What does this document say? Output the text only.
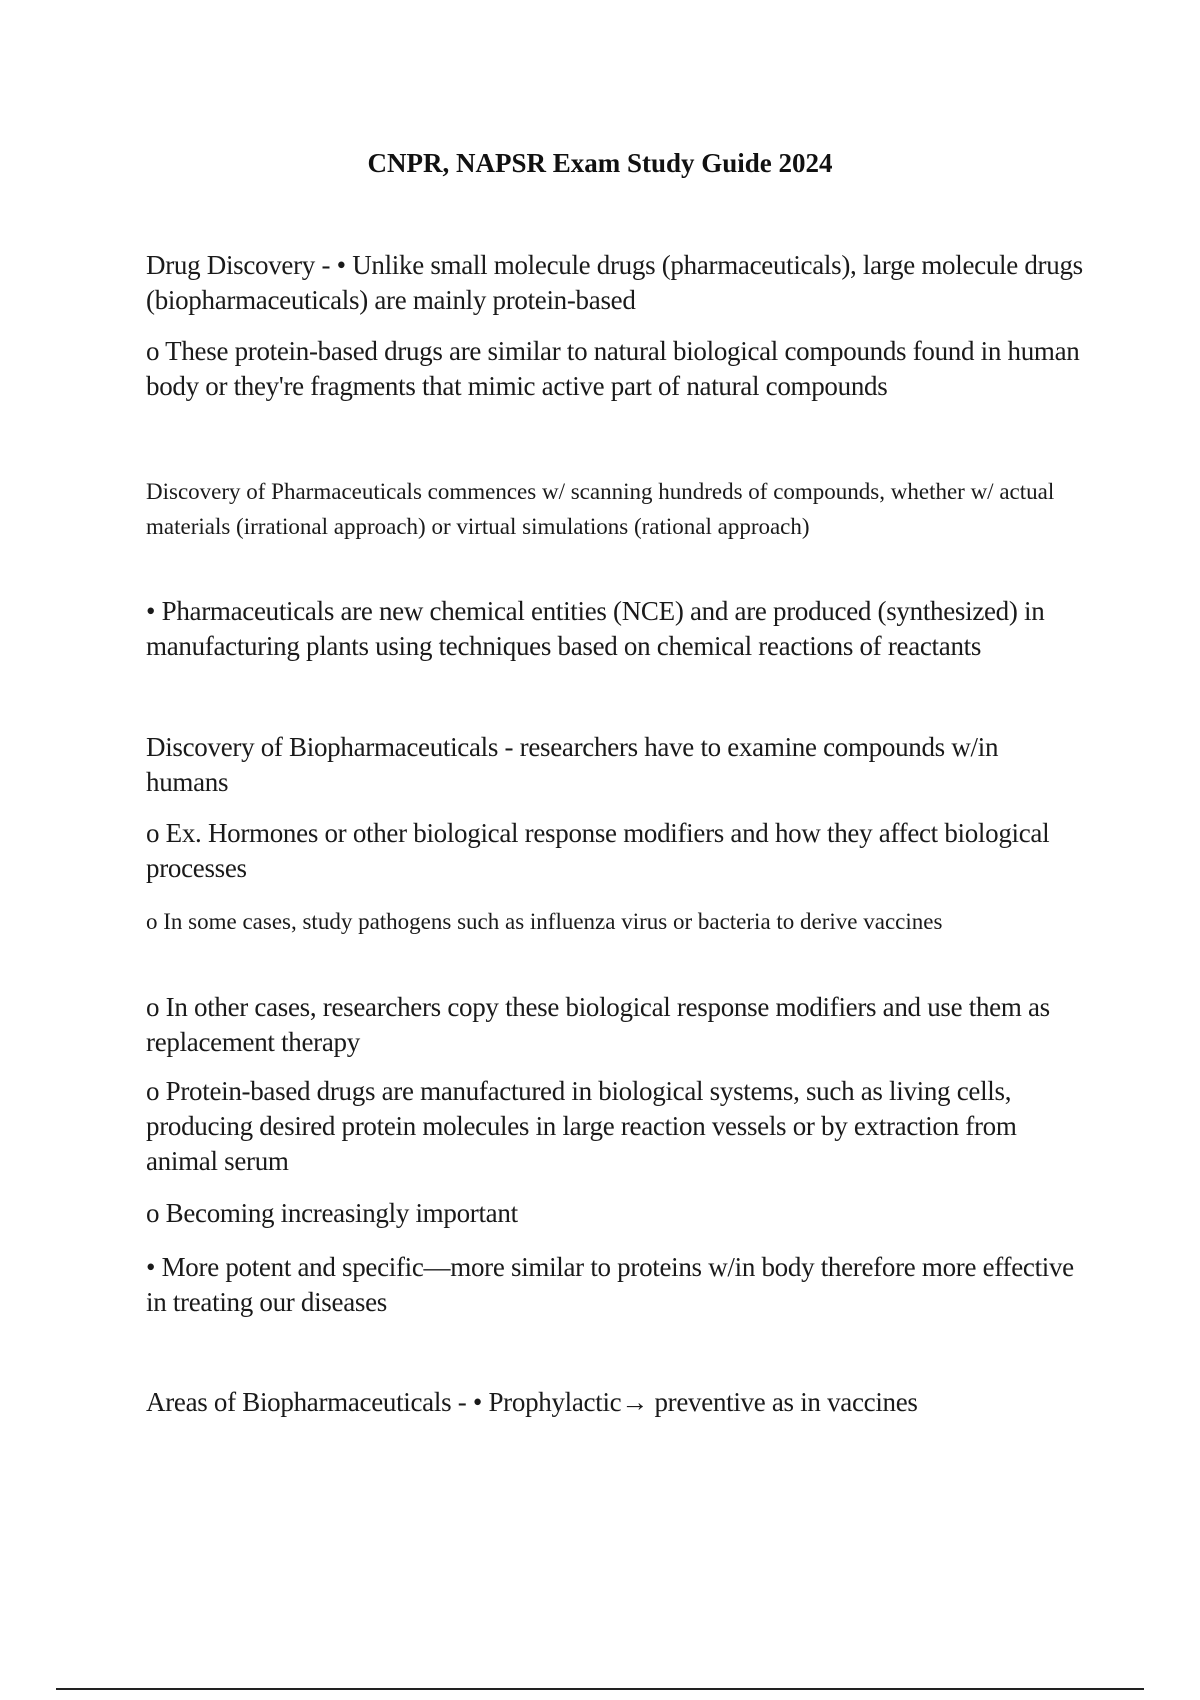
CNPR, NAPSR Exam Study Guide 2024
Drug Discovery - • Unlike small molecule drugs (pharmaceuticals), large molecule drugs (biopharmaceuticals) are mainly protein-based
o These protein-based drugs are similar to natural biological compounds found in human body or they're fragments that mimic active part of natural compounds
Discovery of Pharmaceuticals commences w/ scanning hundreds of compounds, whether w/ actual materials (irrational approach) or virtual simulations (rational approach)
• Pharmaceuticals are new chemical entities (NCE) and are produced (synthesized) in manufacturing plants using techniques based on chemical reactions of reactants
Discovery of Biopharmaceuticals - researchers have to examine compounds w/in humans
o Ex. Hormones or other biological response modifiers and how they affect biological processes
o In some cases, study pathogens such as influenza virus or bacteria to derive vaccines
o In other cases, researchers copy these biological response modifiers and use them as replacement therapy
o Protein-based drugs are manufactured in biological systems, such as living cells, producing desired protein molecules in large reaction vessels or by extraction from animal serum
o Becoming increasingly important
• More potent and specific—more similar to proteins w/in body therefore more effective in treating our diseases
Areas of Biopharmaceuticals - • Prophylactic→ preventive as in vaccines
